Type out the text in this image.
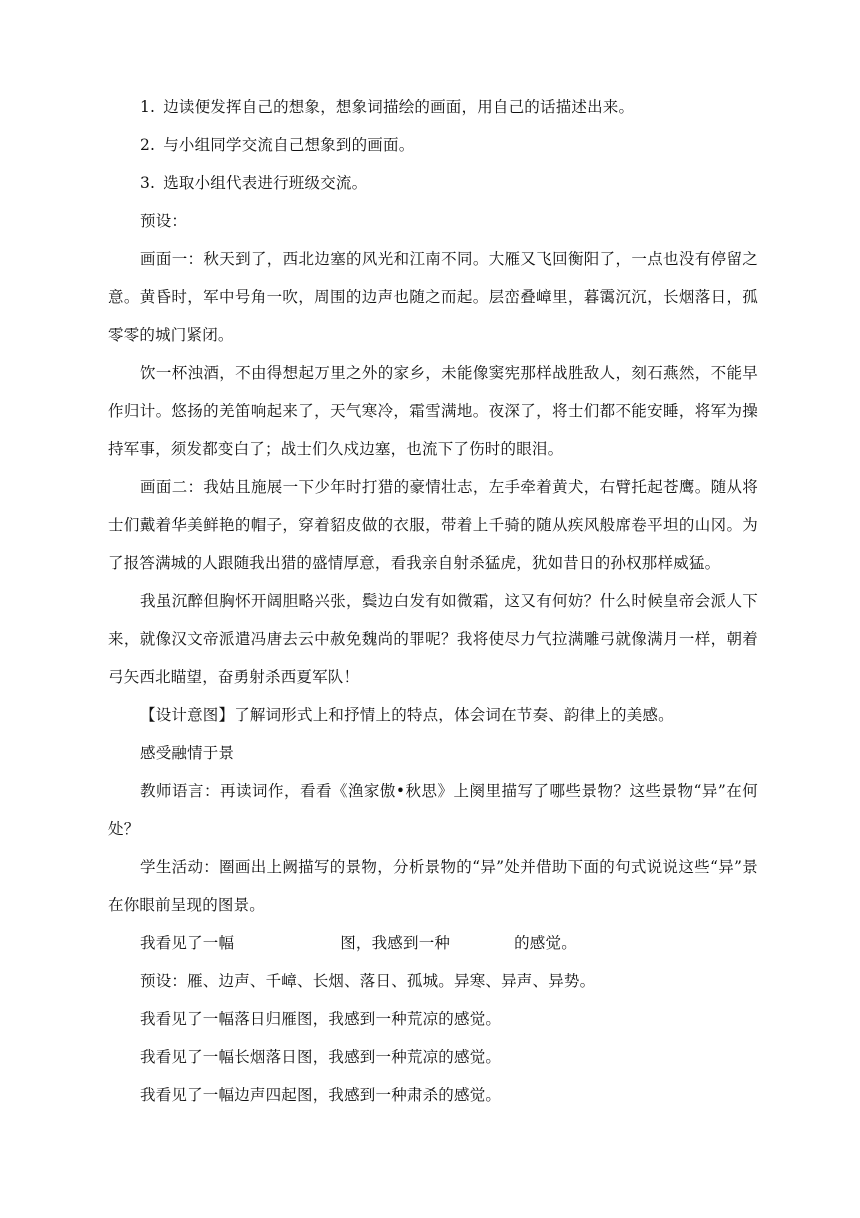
1. 边读便发挥自己的想象，想象词描绘的画面，用自己的话描述出来。

2. 与小组同学交流自己想象到的画面。

3. 选取小组代表进行班级交流。

预设：

画面一：秋天到了，西北边塞的风光和江南不同。大雁又飞回衡阳了，一点也没有停留之意。黄昏时，军中号角一吹，周围的边声也随之而起。层峦叠嶂里，暮霭沉沉，长烟落日，孤零零的城门紧闭。

饮一杯浊酒，不由得想起万里之外的家乡，未能像窦宪那样战胜敌人，刻石燕然，不能早作归计。悠扬的羌笛响起来了，天气寒冷，霜雪满地。夜深了，将士们都不能安睡，将军为操持军事，须发都变白了；战士们久戍边塞，也流下了伤时的眼泪。

画面二：我姑且施展一下少年时打猎的豪情壮志，左手牵着黄犬，右臂托起苍鹰。随从将士们戴着华美鲜艳的帽子，穿着貂皮做的衣服，带着上千骑的随从疾风般席卷平坦的山冈。为了报答满城的人跟随我出猎的盛情厚意，看我亲自射杀猛虎，犹如昔日的孙权那样威猛。

我虽沉醉但胸怀开阔胆略兴张，鬓边白发有如微霜，这又有何妨？什么时候皇帝会派人下来，就像汉文帝派遣冯唐去云中赦免魏尚的罪呢？我将使尽力气拉满雕弓就像满月一样，朝着弓矢西北瞄望，奋勇射杀西夏军队！

【设计意图】了解词形式上和抒情上的特点，体会词在节奏、韵律上的美感。

感受融情于景

教师语言：再读词作，看看《渔家傲•秋思》上阕里描写了哪些景物？这些景物“异”在何处？

学生活动：圈画出上阙描写的景物，分析景物的“异”处并借助下面的句式说说这些“异”景在你眼前呈现的图景。

我看见了一幅	图，我感到一种	的感觉。

预设：雁、边声、千嶂、长烟、落日、孤城。异寒、异声、异势。

我看见了一幅落日归雁图，我感到一种荒凉的感觉。

我看见了一幅长烟落日图，我感到一种荒凉的感觉。

我看见了一幅边声四起图，我感到一种肃杀的感觉。
